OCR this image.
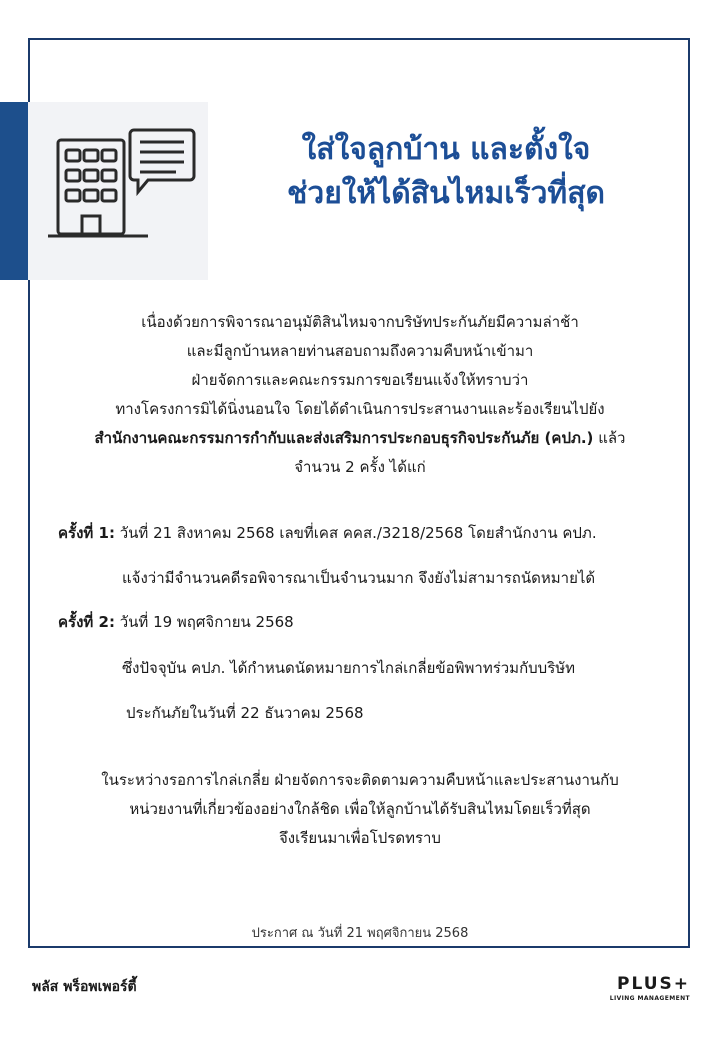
ใส่ใจลูกบ้าน และตั้งใจ
ช่วยให้ได้สินไหมเร็วที่สุด
เนื่องด้วยการพิจารณาอนุมัติสินไหมจากบริษัทประกันภัยมีความล่าช้า
และมีลูกบ้านหลายท่านสอบถามถึงความคืบหน้าเข้ามา
ฝ่ายจัดการและคณะกรรมการขอเรียนแจ้งให้ทราบว่า
ทางโครงการมิได้นิ่งนอนใจ โดยได้ดำเนินการประสานงานและร้องเรียนไปยัง
สำนักงานคณะกรรมการกำกับและส่งเสริมการประกอบธุรกิจประกันภัย (คปภ.) แล้ว
จำนวน 2 ครั้ง ได้แก่
ครั้งที่ 1: วันที่ 21 สิงหาคม 2568 เลขที่เคส คคส./3218/2568 โดยสำนักงาน คปภ.
แจ้งว่ามีจำนวนคดีรอพิจารณาเป็นจำนวนมาก จึงยังไม่สามารถนัดหมายได้
ครั้งที่ 2: วันที่ 19 พฤศจิกายน 2568
ซึ่งปัจจุบัน คปภ. ได้กำหนดนัดหมายการไกล่เกลี่ยข้อพิพาทร่วมกับบริษัท
ประกันภัยในวันที่ 22 ธันวาคม 2568
ในระหว่างรอการไกล่เกลี่ย ฝ่ายจัดการจะติดตามความคืบหน้าและประสานงานกับ
หน่วยงานที่เกี่ยวข้องอย่างใกล้ชิด เพื่อให้ลูกบ้านได้รับสินไหมโดยเร็วที่สุด
จึงเรียนมาเพื่อโปรดทราบ
ประกาศ ณ วันที่ 21 พฤศจิกายน 2568
พลัส พร็อพเพอร์ตี้	PLUS+
LIVING MANAGEMENT
